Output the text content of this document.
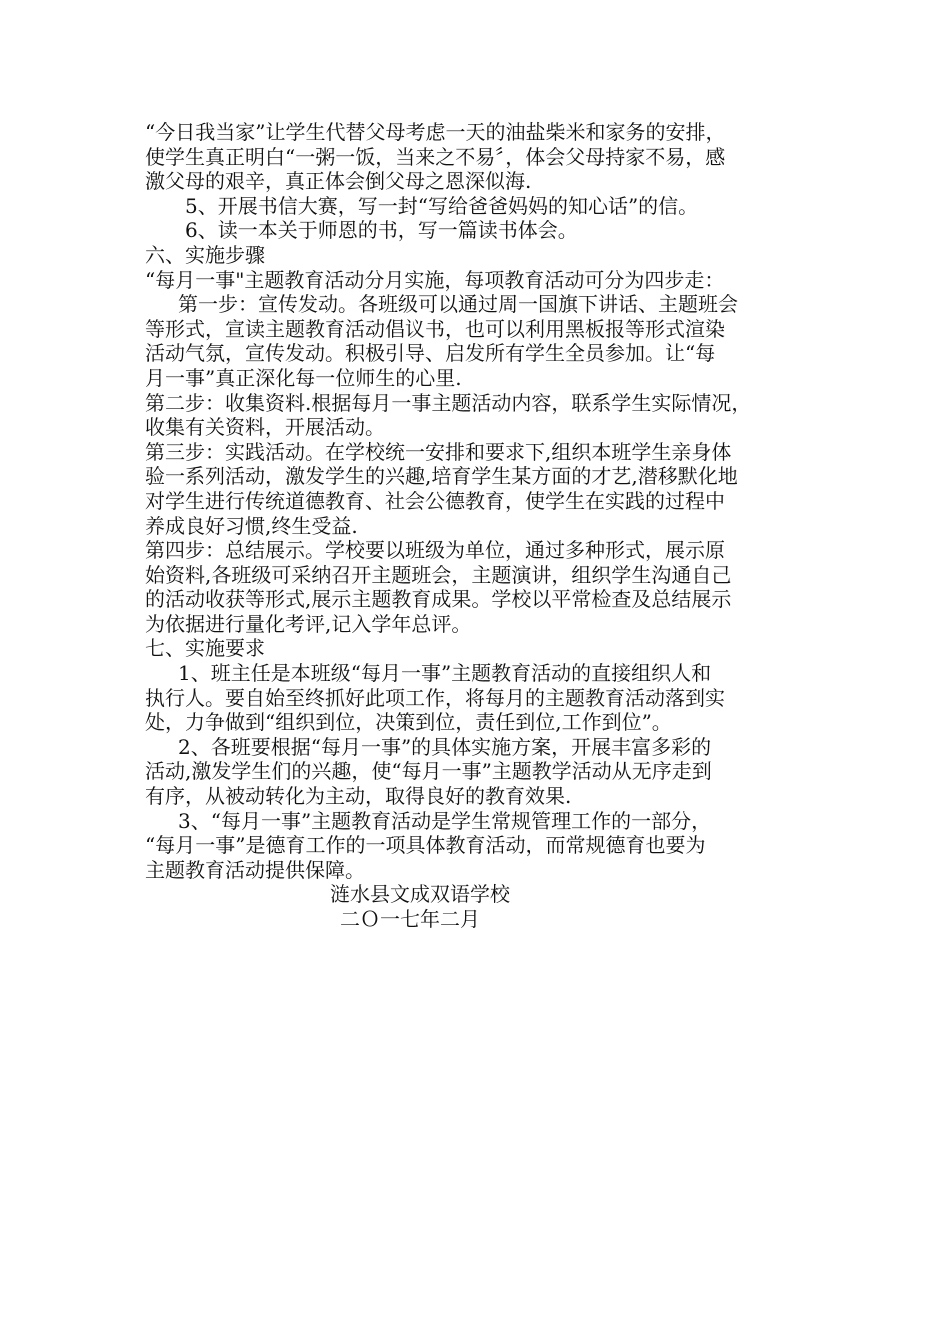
“今日我当家”让学生代替父母考虑一天的油盐柴米和家务的安排，
使学生真正明白“一粥一饭，当来之不易〞，体会父母持家不易，感
激父母的艰辛，真正体会倒父母之恩深似海.

5、开展书信大赛，写一封“写给爸爸妈妈的知心话”的信。

6、读一本关于师恩的书，写一篇读书体会。

六、实施步骤

“每月一事"主题教育活动分月实施，每项教育活动可分为四步走：

第一步：宣传发动。各班级可以通过周一国旗下讲话、主题班会
等形式，宣读主题教育活动倡议书，也可以利用黑板报等形式渲染
活动气氛，宣传发动。积极引导、启发所有学生全员参加。让“每
月一事”真正深化每一位师生的心里.

第二步：收集资料.根据每月一事主题活动内容，联系学生实际情况，
收集有关资料，开展活动。

第三步：实践活动。在学校统一安排和要求下,组织本班学生亲身体
验一系列活动，激发学生的兴趣,培育学生某方面的才艺,潜移默化地
对学生进行传统道德教育、社会公德教育，使学生在实践的过程中
养成良好习惯,终生受益.

第四步：总结展示。学校要以班级为单位，通过多种形式，展示原
始资料,各班级可采纳召开主题班会，主题演讲，组织学生沟通自己
的活动收获等形式,展示主题教育成果。学校以平常检查及总结展示
为依据进行量化考评,记入学年总评。

七、实施要求

1、班主任是本班级“每月一事”主题教育活动的直接组织人和
执行人。要自始至终抓好此项工作，将每月的主题教育活动落到实
处，力争做到“组织到位，决策到位，责任到位,工作到位”。

2、各班要根据“每月一事”的具体实施方案，开展丰富多彩的
活动,激发学生们的兴趣，使“每月一事”主题教学活动从无序走到
有序，从被动转化为主动，取得良好的教育效果.

3、“每月一事”主题教育活动是学生常规管理工作的一部分，
“每月一事”是德育工作的一项具体教育活动，而常规德育也要为
主题教育活动提供保障。

涟水县文成双语学校
二Ｏ一七年二月
